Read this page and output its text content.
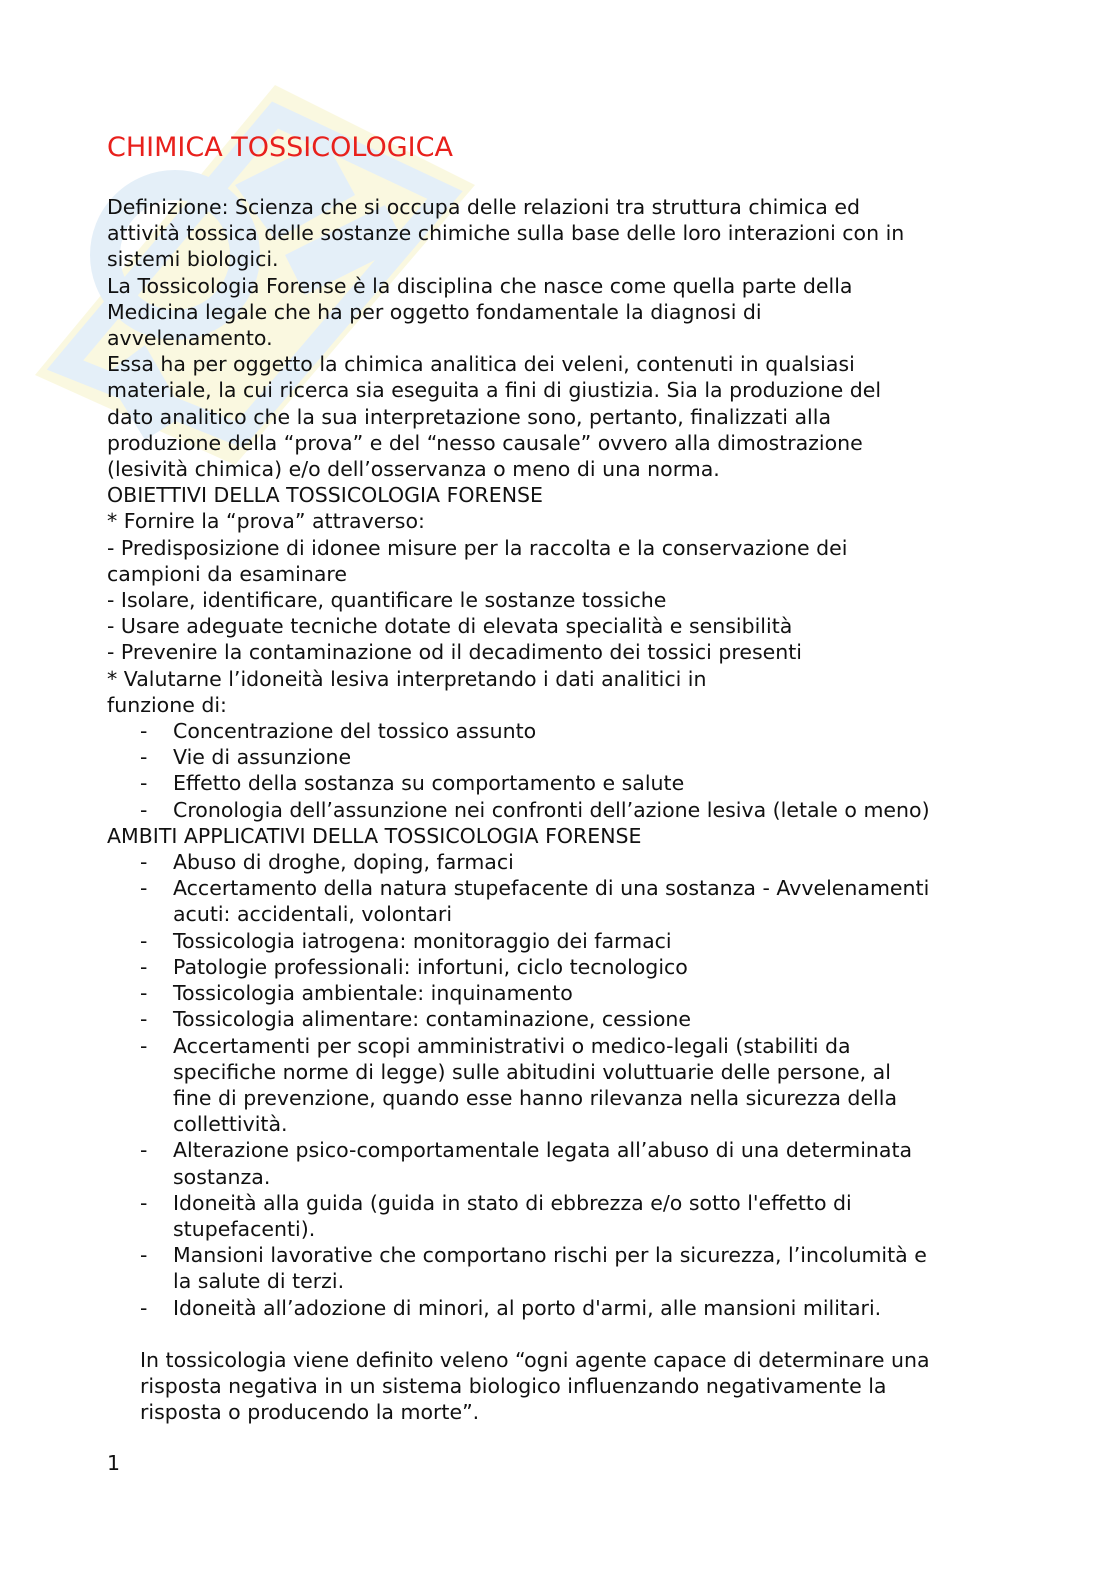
CHIMICA TOSSICOLOGICA

Definizione: Scienza che si occupa delle relazioni tra struttura chimica ed

attività tossica delle sostanze chimiche sulla base delle loro interazioni con in

sistemi biologici.

La Tossicologia Forense è la disciplina che nasce come quella parte della

Medicina legale che ha per oggetto fondamentale la diagnosi di

avvelenamento.

Essa ha per oggetto la chimica analitica dei veleni, contenuti in qualsiasi

materiale, la cui ricerca sia eseguita a fini di giustizia. Sia la produzione del

dato analitico che la sua interpretazione sono, pertanto, finalizzati alla

produzione della “prova” e del “nesso causale” ovvero alla dimostrazione

(lesività chimica) e/o dell’osservanza o meno di una norma.

OBIETTIVI DELLA TOSSICOLOGIA FORENSE

* Fornire la “prova” attraverso:

- Predisposizione di idonee misure per la raccolta e la conservazione dei

campioni da esaminare

- Isolare, identificare, quantificare le sostanze tossiche

- Usare adeguate tecniche dotate di elevata specialità e sensibilità

- Prevenire la contaminazione od il decadimento dei tossici presenti

* Valutarne l’idoneità lesiva interpretando i dati analitici in

funzione di:

- Concentrazione del tossico assunto
- Vie di assunzione
- Effetto della sostanza su comportamento e salute
- Cronologia dell’assunzione nei confronti dell’azione lesiva (letale o meno)

AMBITI APPLICATIVI DELLA TOSSICOLOGIA FORENSE

- Abuso di droghe, doping, farmaci
- Accertamento della natura stupefacente di una sostanza - Avvelenamenti
acuti: accidentali, volontari
- Tossicologia iatrogena: monitoraggio dei farmaci
- Patologie professionali: infortuni, ciclo tecnologico
- Tossicologia ambientale: inquinamento
- Tossicologia alimentare: contaminazione, cessione
- Accertamenti per scopi amministrativi o medico-legali (stabiliti da
specifiche norme di legge) sulle abitudini voluttuarie delle persone, al
fine di prevenzione, quando esse hanno rilevanza nella sicurezza della
collettività.
- Alterazione psico-comportamentale legata all’abuso di una determinata
sostanza.
- Idoneità alla guida (guida in stato di ebbrezza e/o sotto l'effetto di
stupefacenti).
- Mansioni lavorative che comportano rischi per la sicurezza, l’incolumità e
la salute di terzi.
- Idoneità all’adozione di minori, al porto d'armi, alle mansioni militari.

In tossicologia viene definito veleno “ogni agente capace di determinare una

risposta negativa in un sistema biologico influenzando negativamente la

risposta o producendo la morte”.

1
